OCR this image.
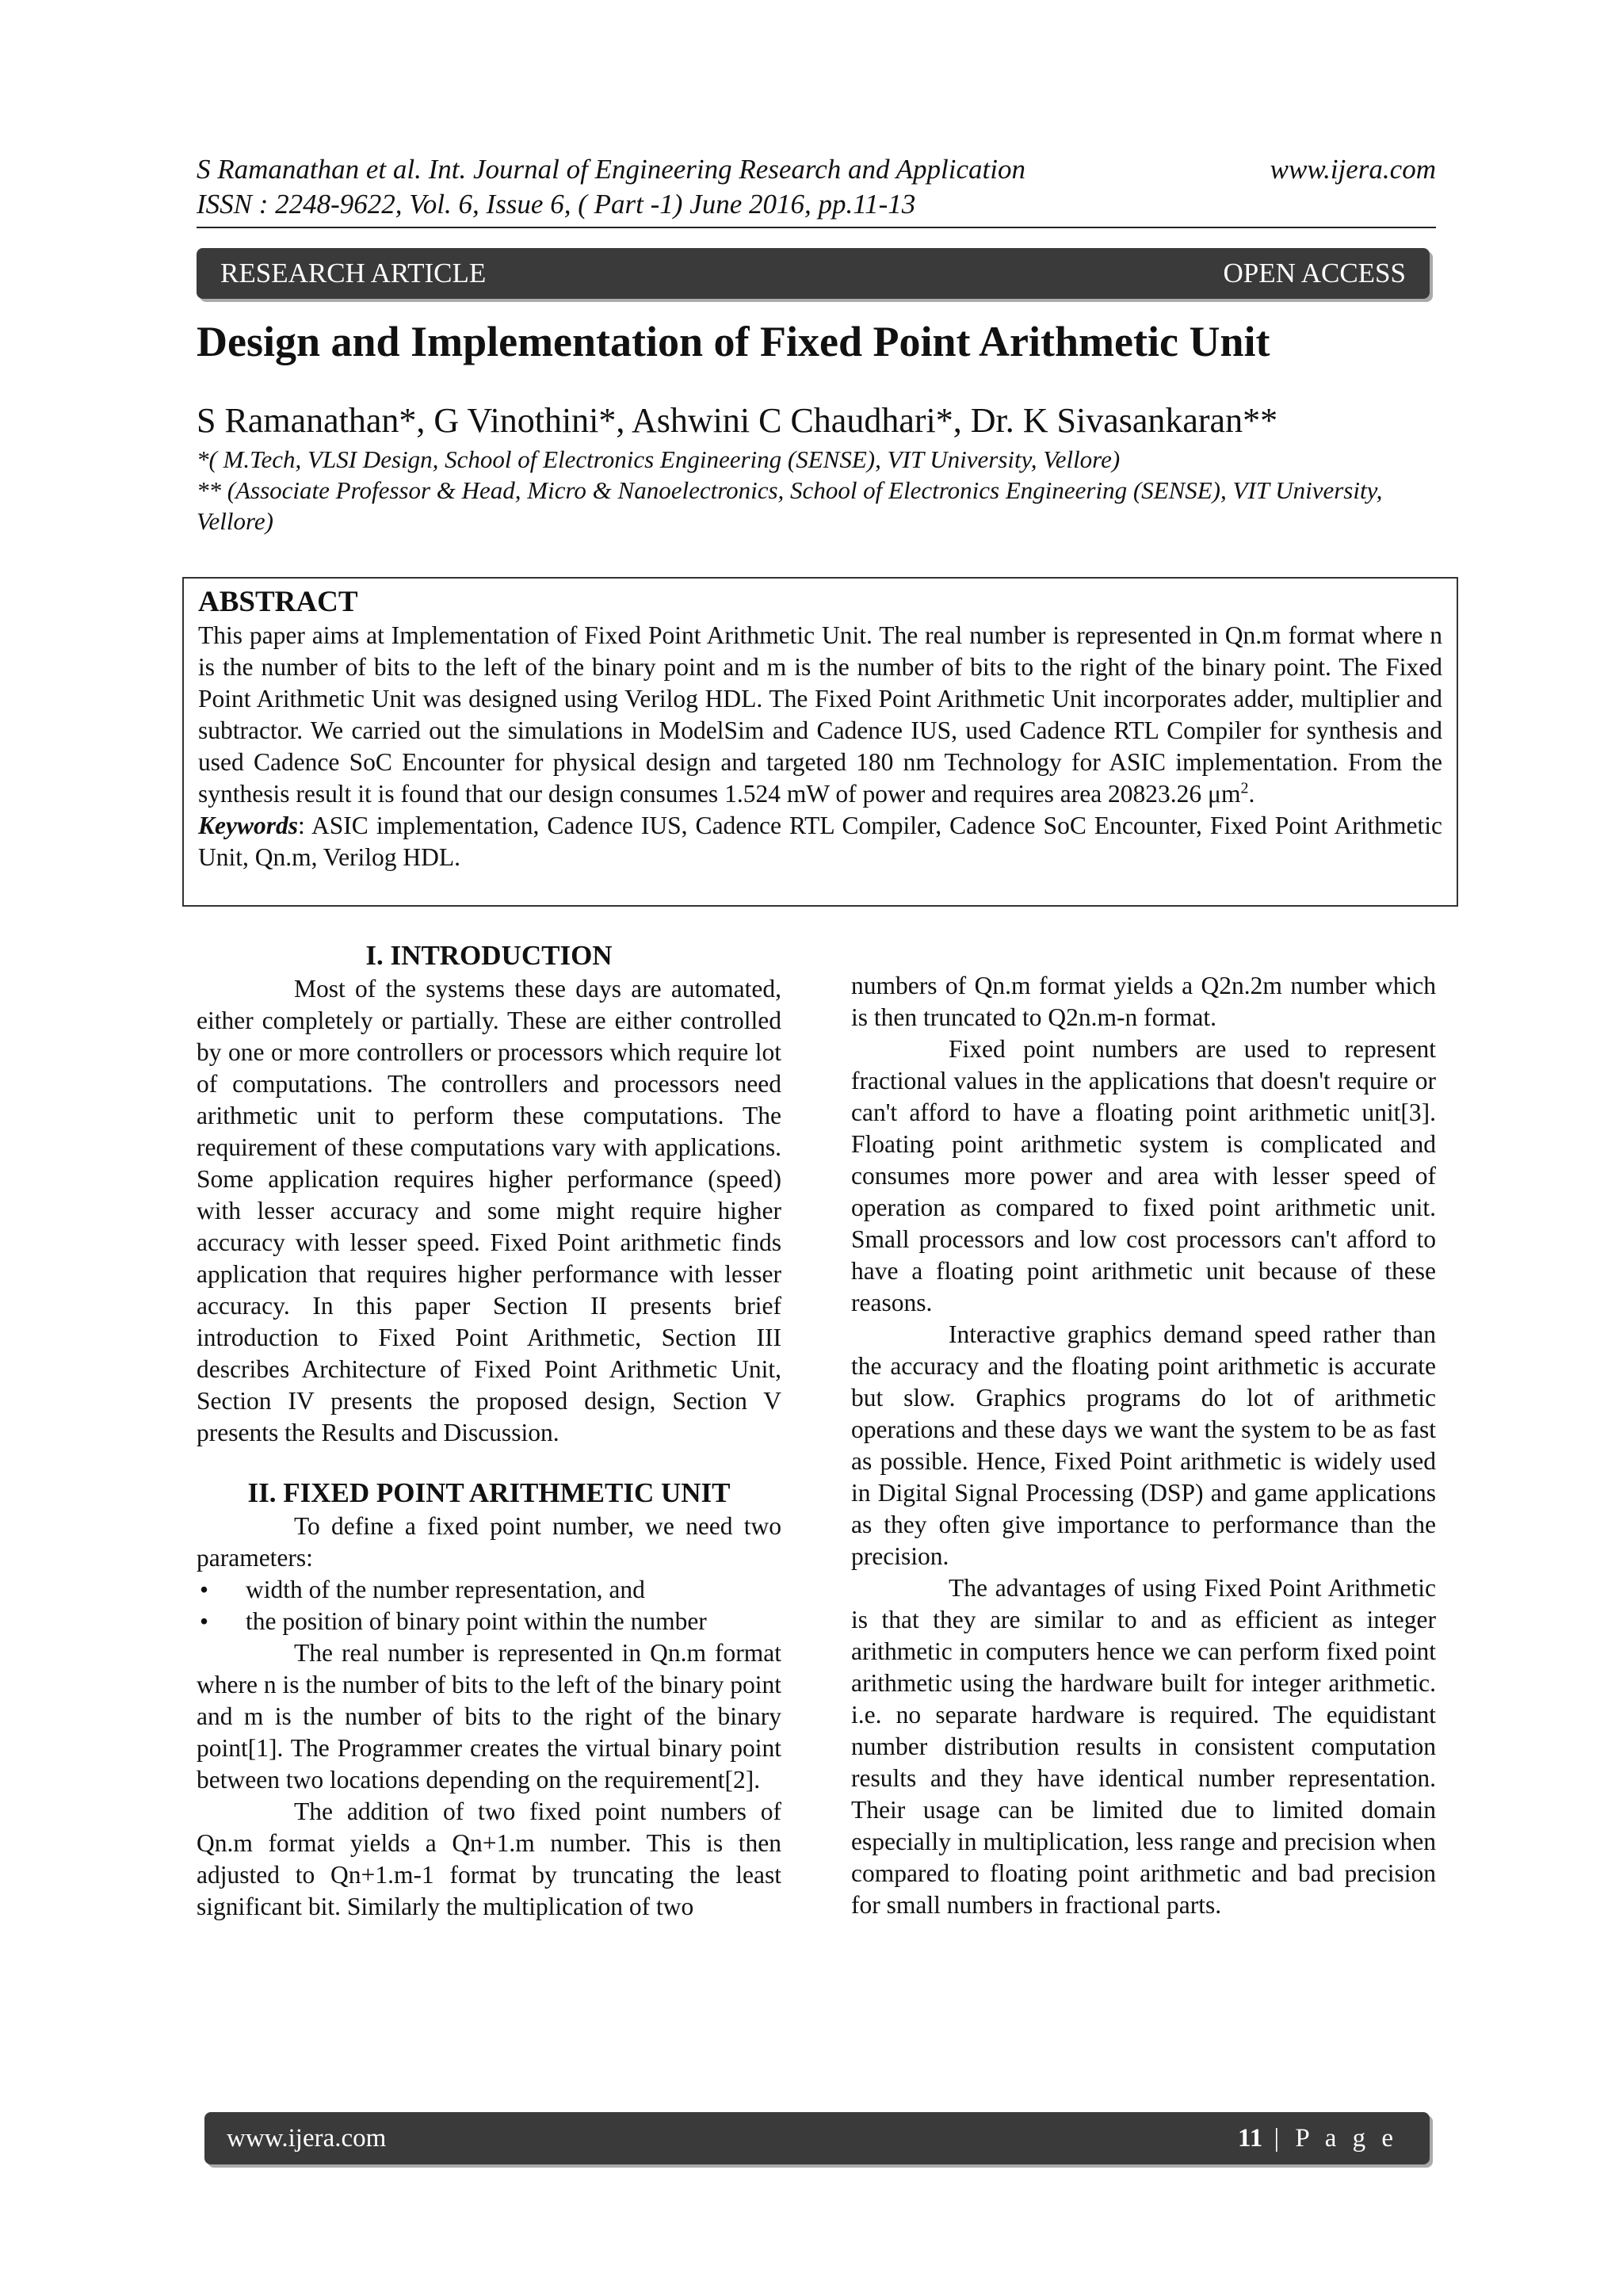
S Ramanathan et al. Int. Journal of Engineering Research and Application	www.ijera.com
ISSN : 2248-9622, Vol. 6, Issue 6, ( Part -1) June 2016, pp.11-13
RESEARCH ARTICLE	OPEN ACCESS
Design and Implementation of Fixed Point Arithmetic Unit
S Ramanathan*, G Vinothini*, Ashwini C Chaudhari*, Dr. K Sivasankaran**
*( M.Tech, VLSI Design, School of Electronics Engineering (SENSE), VIT University, Vellore)
** (Associate Professor & Head, Micro & Nanoelectronics, School of Electronics Engineering (SENSE), VIT University, Vellore)
ABSTRACT

This paper aims at Implementation of Fixed Point Arithmetic Unit. The real number is represented in Qn.m format where n is the number of bits to the left of the binary point and m is the number of bits to the right of the binary point. The Fixed Point Arithmetic Unit was designed using Verilog HDL. The Fixed Point Arithmetic Unit incorporates adder, multiplier and subtractor. We carried out the simulations in ModelSim and Cadence IUS, used Cadence RTL Compiler for synthesis and used Cadence SoC Encounter for physical design and targeted 180 nm Technology for ASIC implementation. From the synthesis result it is found that our design consumes 1.524 mW of power and requires area 20823.26 $\mu m^2$.

Keywords: ASIC implementation, Cadence IUS, Cadence RTL Compiler, Cadence SoC Encounter, Fixed Point Arithmetic Unit, Qn.m, Verilog HDL.

I. INTRODUCTION

Most of the systems these days are automated, either completely or partially. These are either controlled by one or more controllers or processors which require lot of computations. The controllers and processors need arithmetic unit to perform these computations. The requirement of these computations vary with applications. Some application requires higher performance (speed) with lesser accuracy and some might require higher accuracy with lesser speed. Fixed Point arithmetic finds application that requires higher performance with lesser accuracy. In this paper Section II presents brief introduction to Fixed Point Arithmetic, Section III describes Architecture of Fixed Point Arithmetic Unit, Section IV presents the proposed design, Section V presents the Results and Discussion.

II. FIXED POINT ARITHMETIC UNIT

To define a fixed point number, we need two parameters:

• width of the number representation, and
• the position of binary point within the number

The real number is represented in Qn.m format where n is the number of bits to the left of the binary point and m is the number of bits to the right of the binary point[1]. The Programmer creates the virtual binary point between two locations depending on the requirement[2].

The addition of two fixed point numbers of Qn.m format yields a Qn+1.m number. This is then adjusted to Qn+1.m-1 format by truncating the least significant bit. Similarly the multiplication of two

numbers of Qn.m format yields a Q2n.2m number which is then truncated to Q2n.m-n format.

Fixed point numbers are used to represent fractional values in the applications that doesn't require or can't afford to have a floating point arithmetic unit[3]. Floating point arithmetic system is complicated and consumes more power and area with lesser speed of operation as compared to fixed point arithmetic unit. Small processors and low cost processors can't afford to have a floating point arithmetic unit because of these reasons.

Interactive graphics demand speed rather than the accuracy and the floating point arithmetic is accurate but slow. Graphics programs do lot of arithmetic operations and these days we want the system to be as fast as possible. Hence, Fixed Point arithmetic is widely used in Digital Signal Processing (DSP) and game applications as they often give importance to performance than the precision.

The advantages of using Fixed Point Arithmetic is that they are similar to and as efficient as integer arithmetic in computers hence we can perform fixed point arithmetic using the hardware built for integer arithmetic. i.e. no separate hardware is required. The equidistant number distribution results in consistent computation results and they have identical number representation. Their usage can be limited due to limited domain especially in multiplication, less range and precision when compared to floating point arithmetic and bad precision for small numbers in fractional parts.

www.ijera.com	11 | P a g e
